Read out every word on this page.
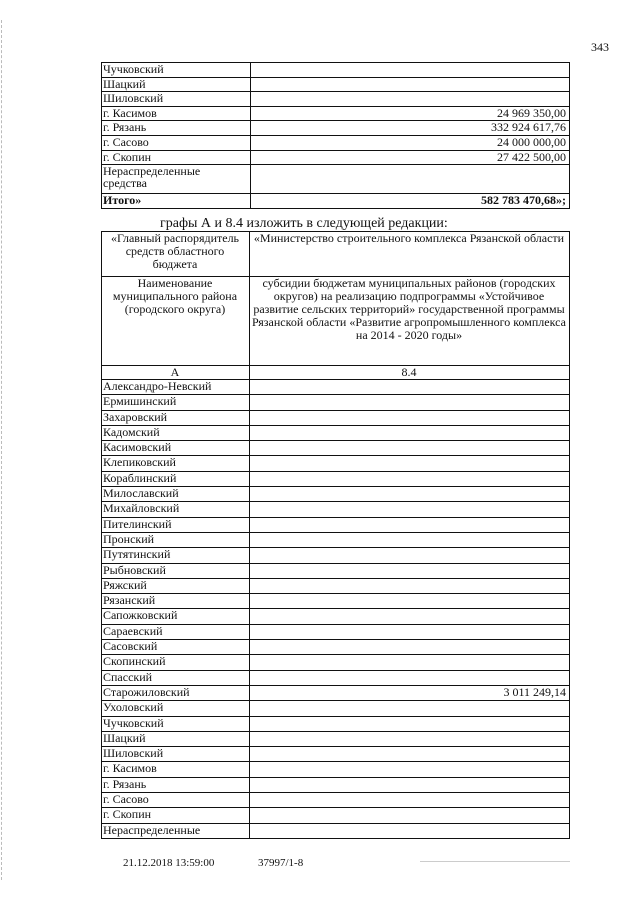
343
Чучковский	
Шацкий	
Шиловский	
г. Касимов	24 969 350,00
г. Рязань	332 924 617,76
г. Сасово	24 000 000,00
г. Скопин	27 422 500,00
Нераспределенные средства	
Итого»	582 783 470,68»;
графы А и 8.4 изложить в следующей редакции:
«Главный распорядитель средств областного бюджета	«Министерство строительного комплекса Рязанской области
Наименование муниципального района (городского округа)	субсидии бюджетам муниципальных районов (городских округов) на реализацию подпрограммы «Устойчивое развитие сельских территорий» государственной программы Рязанской области «Развитие агропромышленного комплекса на 2014 - 2020 годы»
А	8.4
Александро-Невский	
Ермишинский	
Захаровский	
Кадомский	
Касимовский	
Клепиковский	
Кораблинский	
Милославский	
Михайловский	
Пителинский	
Пронский	
Путятинский	
Рыбновский	
Ряжский	
Рязанский	
Сапожковский	
Сараевский	
Сасовский	
Скопинский	
Спасский	
Старожиловский	3 011 249,14
Ухоловский	
Чучковский	
Шацкий	
Шиловский	
г. Касимов	
г. Рязань	
г. Сасово	
г. Скопин	
Нераспределенные	
21.12.2018 13:59:00	37997/1-8
